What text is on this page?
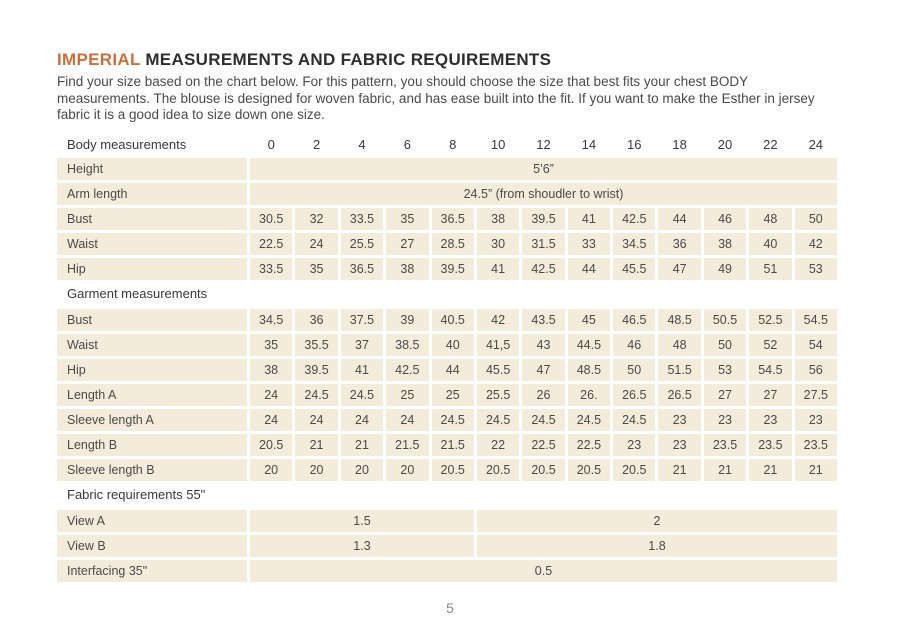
IMPERIAL MEASUREMENTS AND FABRIC REQUIREMENTS

Find your size based on the chart below. For this pattern, you should choose the size that best fits your chest BODY measurements. The blouse is designed for woven fabric, and has ease built into the fit. If you want to make the Esther in jersey fabric it is a good idea to size down one size.

Body measurements	0	2	4	6	8	10	12	14	16	18	20	22	24
Height	5’6”
Arm length	24.5” (from shoudler to wrist)
Bust	30.5	32	33.5	35	36.5	38	39.5	41	42.5	44	46	48	50
Waist	22.5	24	25.5	27	28.5	30	31.5	33	34.5	36	38	40	42
Hip	33.5	35	36.5	38	39.5	41	42.5	44	45.5	47	49	51	53
Garment measurements
Bust	34.5	36	37.5	39	40.5	42	43.5	45	46.5	48.5	50.5	52.5	54.5
Waist	35	35.5	37	38.5	40	41,5	43	44.5	46	48	50	52	54
Hip	38	39.5	41	42.5	44	45.5	47	48.5	50	51.5	53	54.5	56
Length A	24	24.5	24.5	25	25	25.5	26	26.	26.5	26.5	27	27	27.5
Sleeve length A	24	24	24	24	24.5	24.5	24.5	24.5	24.5	23	23	23	23
Length B	20.5	21	21	21.5	21.5	22	22.5	22.5	23	23	23.5	23.5	23.5
Sleeve length B	20	20	20	20	20.5	20.5	20.5	20.5	20.5	21	21	21	21
Fabric requirements 55"
View A	1.5	2
View B	1.3	1.8
Interfacing 35"	0.5
5
